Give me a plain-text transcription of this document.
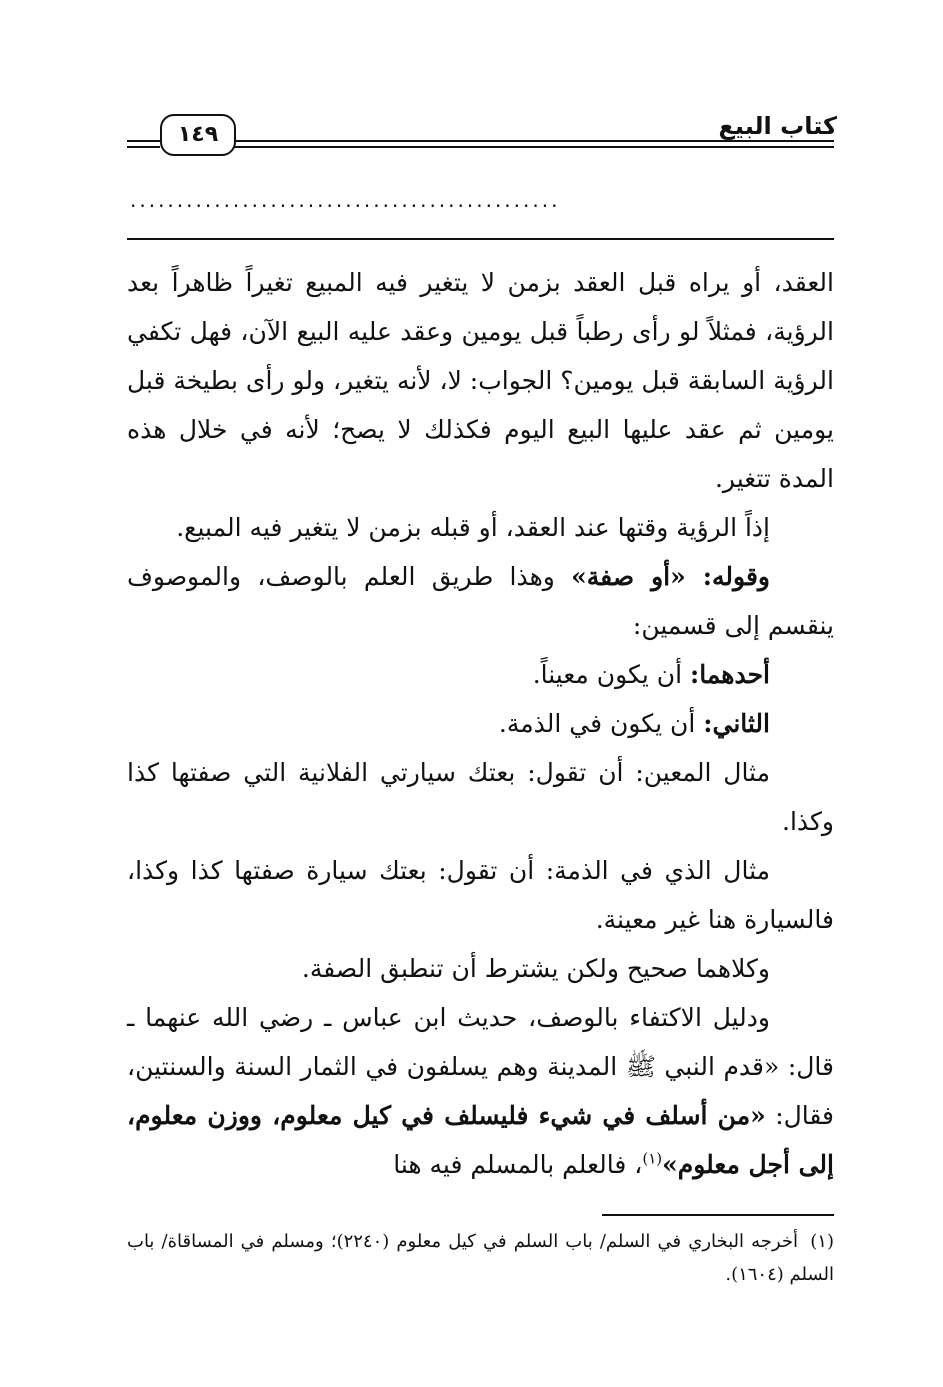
كتاب البيع
١٤٩
..............................................

العقد، أو يراه قبل العقد بزمن لا يتغير فيه المبيع تغيراً ظاهراً بعد الرؤية، فمثلاً لو رأى رطباً قبل يومين وعقد عليه البيع الآن، فهل تكفي الرؤية السابقة قبل يومين؟ الجواب: لا، لأنه يتغير، ولو رأى بطيخة قبل يومين ثم عقد عليها البيع اليوم فكذلك لا يصح؛ لأنه في خلال هذه المدة تتغير.

إذاً الرؤية وقتها عند العقد، أو قبله بزمن لا يتغير فيه المبيع.

وقوله: «أو صفة» وهذا طريق العلم بالوصف، والموصوف ينقسم إلى قسمين:

أحدهما: أن يكون معيناً.

الثاني: أن يكون في الذمة.

مثال المعين: أن تقول: بعتك سيارتي الفلانية التي صفتها كذا وكذا.

مثال الذي في الذمة: أن تقول: بعتك سيارة صفتها كذا وكذا، فالسيارة هنا غير معينة.

وكلاهما صحيح ولكن يشترط أن تنطبق الصفة.

ودليل الاكتفاء بالوصف، حديث ابن عباس ـ رضي الله عنهما ـ قال: «قدم النبي ﷺ المدينة وهم يسلفون في الثمار السنة والسنتين، فقال: «من أسلف في شيء فليسلف في كيل معلوم، ووزن معلوم، إلى أجل معلوم»$^{(١)}$، فالعلم بالمسلم فيه هنا

(١)أخرجه البخاري في السلم/ باب السلم في كيل معلوم (٢٢٤٠)؛ ومسلم في المساقاة/ باب السلم (١٦٠٤).
